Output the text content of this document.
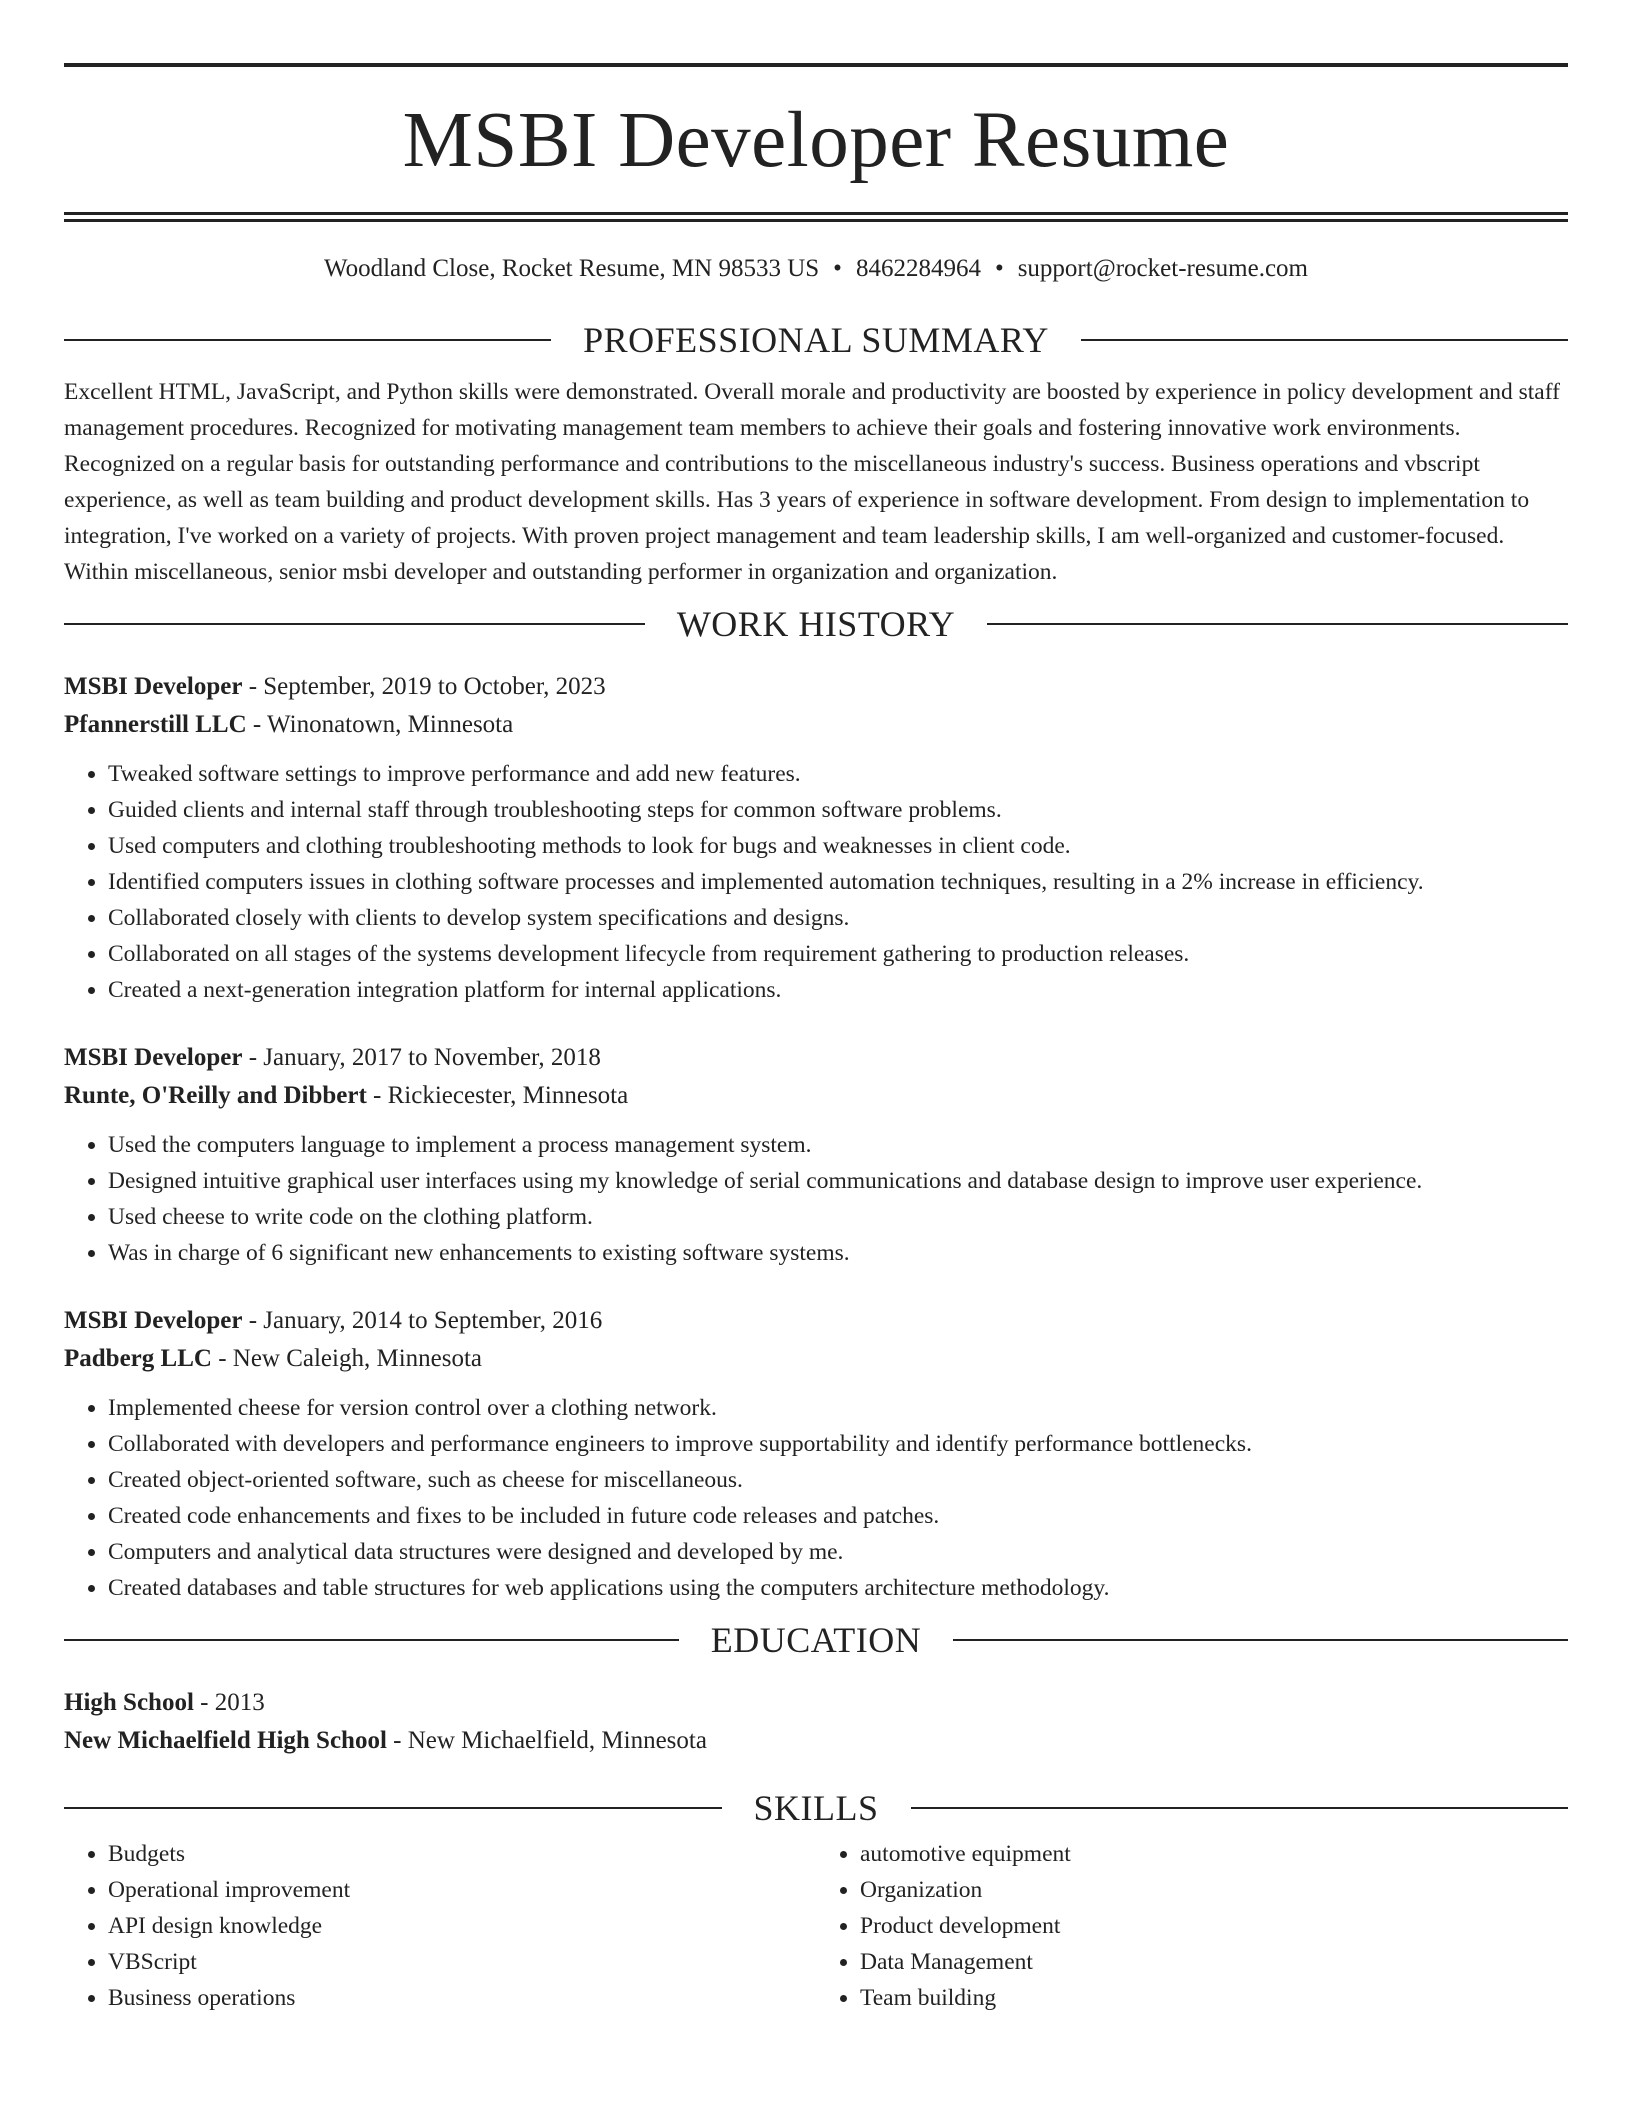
MSBI Developer Resume
Woodland Close, Rocket Resume, MN 98533 US • 8462284964 • support@rocket-resume.com
PROFESSIONAL SUMMARY

Excellent HTML, JavaScript, and Python skills were demonstrated. Overall morale and productivity are boosted by experience in policy development and staff management procedures. Recognized for motivating management team members to achieve their goals and fostering innovative work environments. Recognized on a regular basis for outstanding performance and contributions to the miscellaneous industry's success. Business operations and vbscript experience, as well as team building and product development skills. Has 3 years of experience in software development. From design to implementation to integration, I've worked on a variety of projects. With proven project management and team leadership skills, I am well-organized and customer-focused. Within miscellaneous, senior msbi developer and outstanding performer in organization and organization.

WORK HISTORY
MSBI Developer - September, 2019 to October, 2023
Pfannerstill LLC - Winonatown, Minnesota
• Tweaked software settings to improve performance and add new features.
• Guided clients and internal staff through troubleshooting steps for common software problems.
• Used computers and clothing troubleshooting methods to look for bugs and weaknesses in client code.
• Identified computers issues in clothing software processes and implemented automation techniques, resulting in a 2% increase in efficiency.
• Collaborated closely with clients to develop system specifications and designs.
• Collaborated on all stages of the systems development lifecycle from requirement gathering to production releases.
• Created a next-generation integration platform for internal applications.
MSBI Developer - January, 2017 to November, 2018
Runte, O'Reilly and Dibbert - Rickiecester, Minnesota
• Used the computers language to implement a process management system.
• Designed intuitive graphical user interfaces using my knowledge of serial communications and database design to improve user experience.
• Used cheese to write code on the clothing platform.
• Was in charge of 6 significant new enhancements to existing software systems.
MSBI Developer - January, 2014 to September, 2016
Padberg LLC - New Caleigh, Minnesota
• Implemented cheese for version control over a clothing network.
• Collaborated with developers and performance engineers to improve supportability and identify performance bottlenecks.
• Created object-oriented software, such as cheese for miscellaneous.
• Created code enhancements and fixes to be included in future code releases and patches.
• Computers and analytical data structures were designed and developed by me.
• Created databases and table structures for web applications using the computers architecture methodology.
EDUCATION
High School - 2013
New Michaelfield High School - New Michaelfield, Minnesota
SKILLS
• Budgets
• Operational improvement
• API design knowledge
• VBScript
• Business operations
• automotive equipment
• Organization
• Product development
• Data Management
• Team building
